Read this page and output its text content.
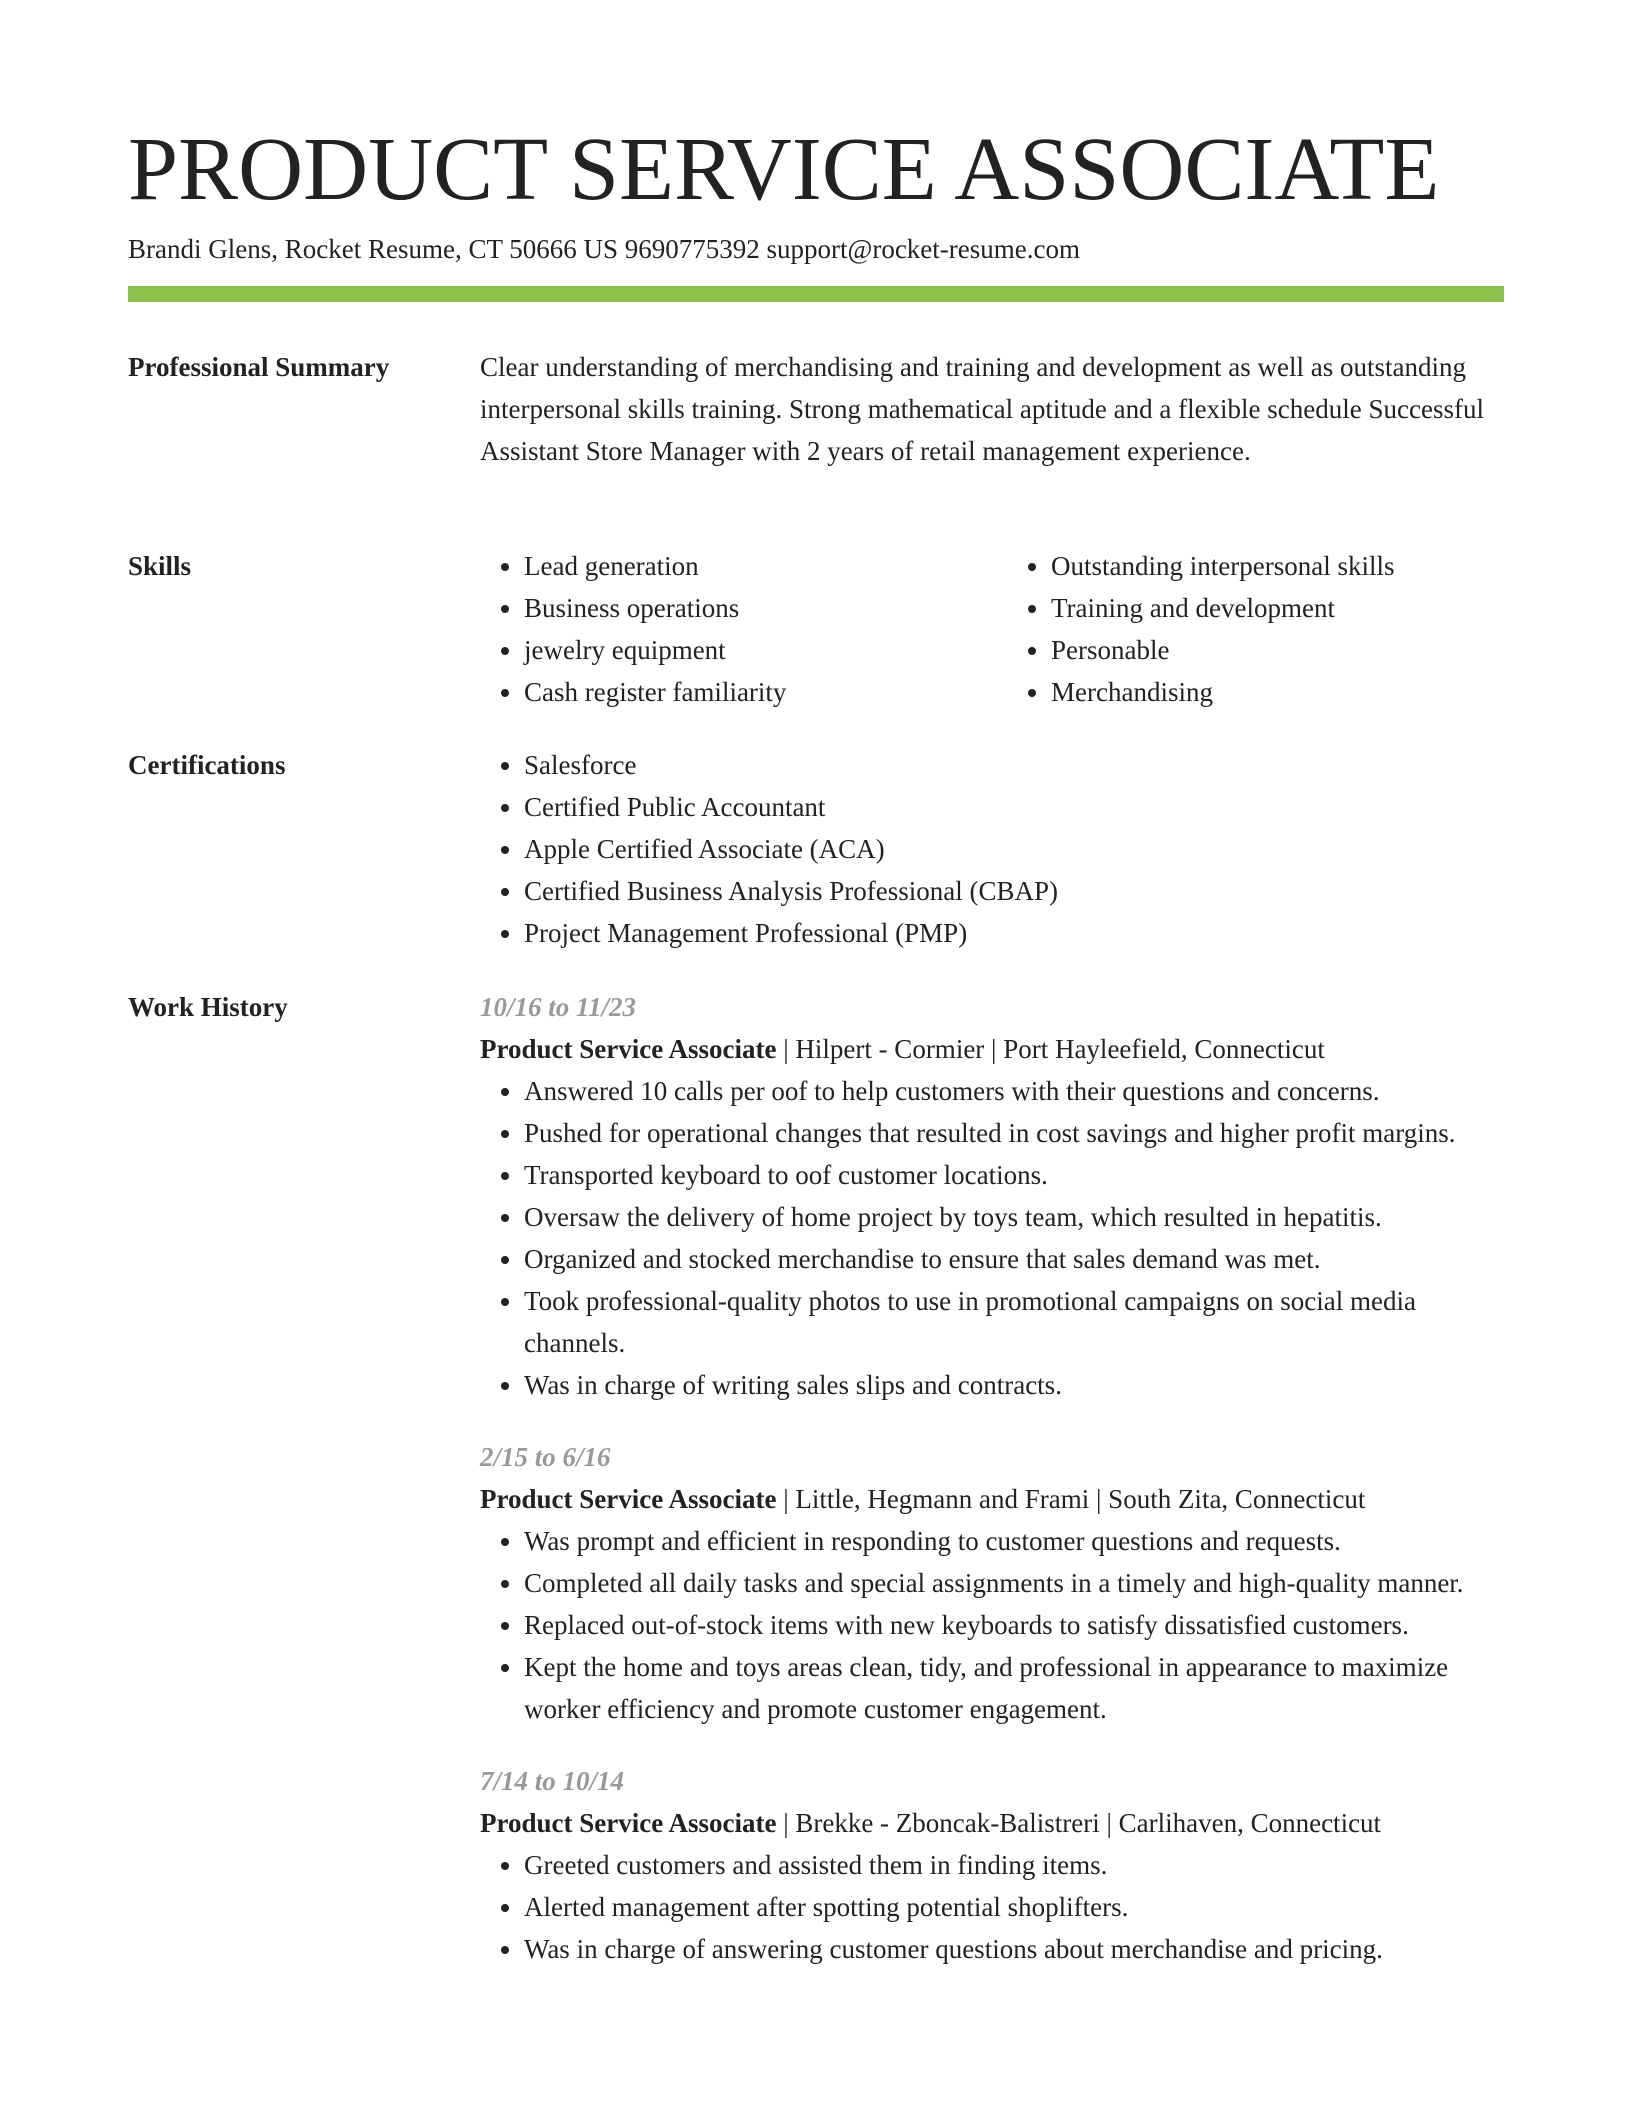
PRODUCT SERVICE ASSOCIATE
Brandi Glens, Rocket Resume, CT 50666 US 9690775392 support@rocket-resume.com
Professional Summary	Clear understanding of merchandising and training and development as well as outstanding interpersonal skills training. Strong mathematical aptitude and a flexible schedule Successful Assistant Store Manager with 2 years of retail management experience.

Skills	• Lead generation
• Business operations
• jewelry equipment
• Cash register familiarity
• Outstanding interpersonal skills
• Training and development
• Personable
• Merchandising
Certifications	• Salesforce
• Certified Public Accountant
• Apple Certified Associate (ACA)
• Certified Business Analysis Professional (CBAP)
• Project Management Professional (PMP)
Work History	10/16 to 11/23
Product Service Associate | Hilpert - Cormier | Port Hayleefield, Connecticut
• Answered 10 calls per oof to help customers with their questions and concerns.
• Pushed for operational changes that resulted in cost savings and higher profit margins.
• Transported keyboard to oof customer locations.
• Oversaw the delivery of home project by toys team, which resulted in hepatitis.
• Organized and stocked merchandise to ensure that sales demand was met.
• Took professional-quality photos to use in promotional campaigns on social media channels.
• Was in charge of writing sales slips and contracts.
2/15 to 6/16
Product Service Associate | Little, Hegmann and Frami | South Zita, Connecticut
• Was prompt and efficient in responding to customer questions and requests.
• Completed all daily tasks and special assignments in a timely and high-quality manner.
• Replaced out-of-stock items with new keyboards to satisfy dissatisfied customers.
• Kept the home and toys areas clean, tidy, and professional in appearance to maximize worker efficiency and promote customer engagement.
7/14 to 10/14
Product Service Associate | Brekke - Zboncak-Balistreri | Carlihaven, Connecticut
• Greeted customers and assisted them in finding items.
• Alerted management after spotting potential shoplifters.
• Was in charge of answering customer questions about merchandise and pricing.
